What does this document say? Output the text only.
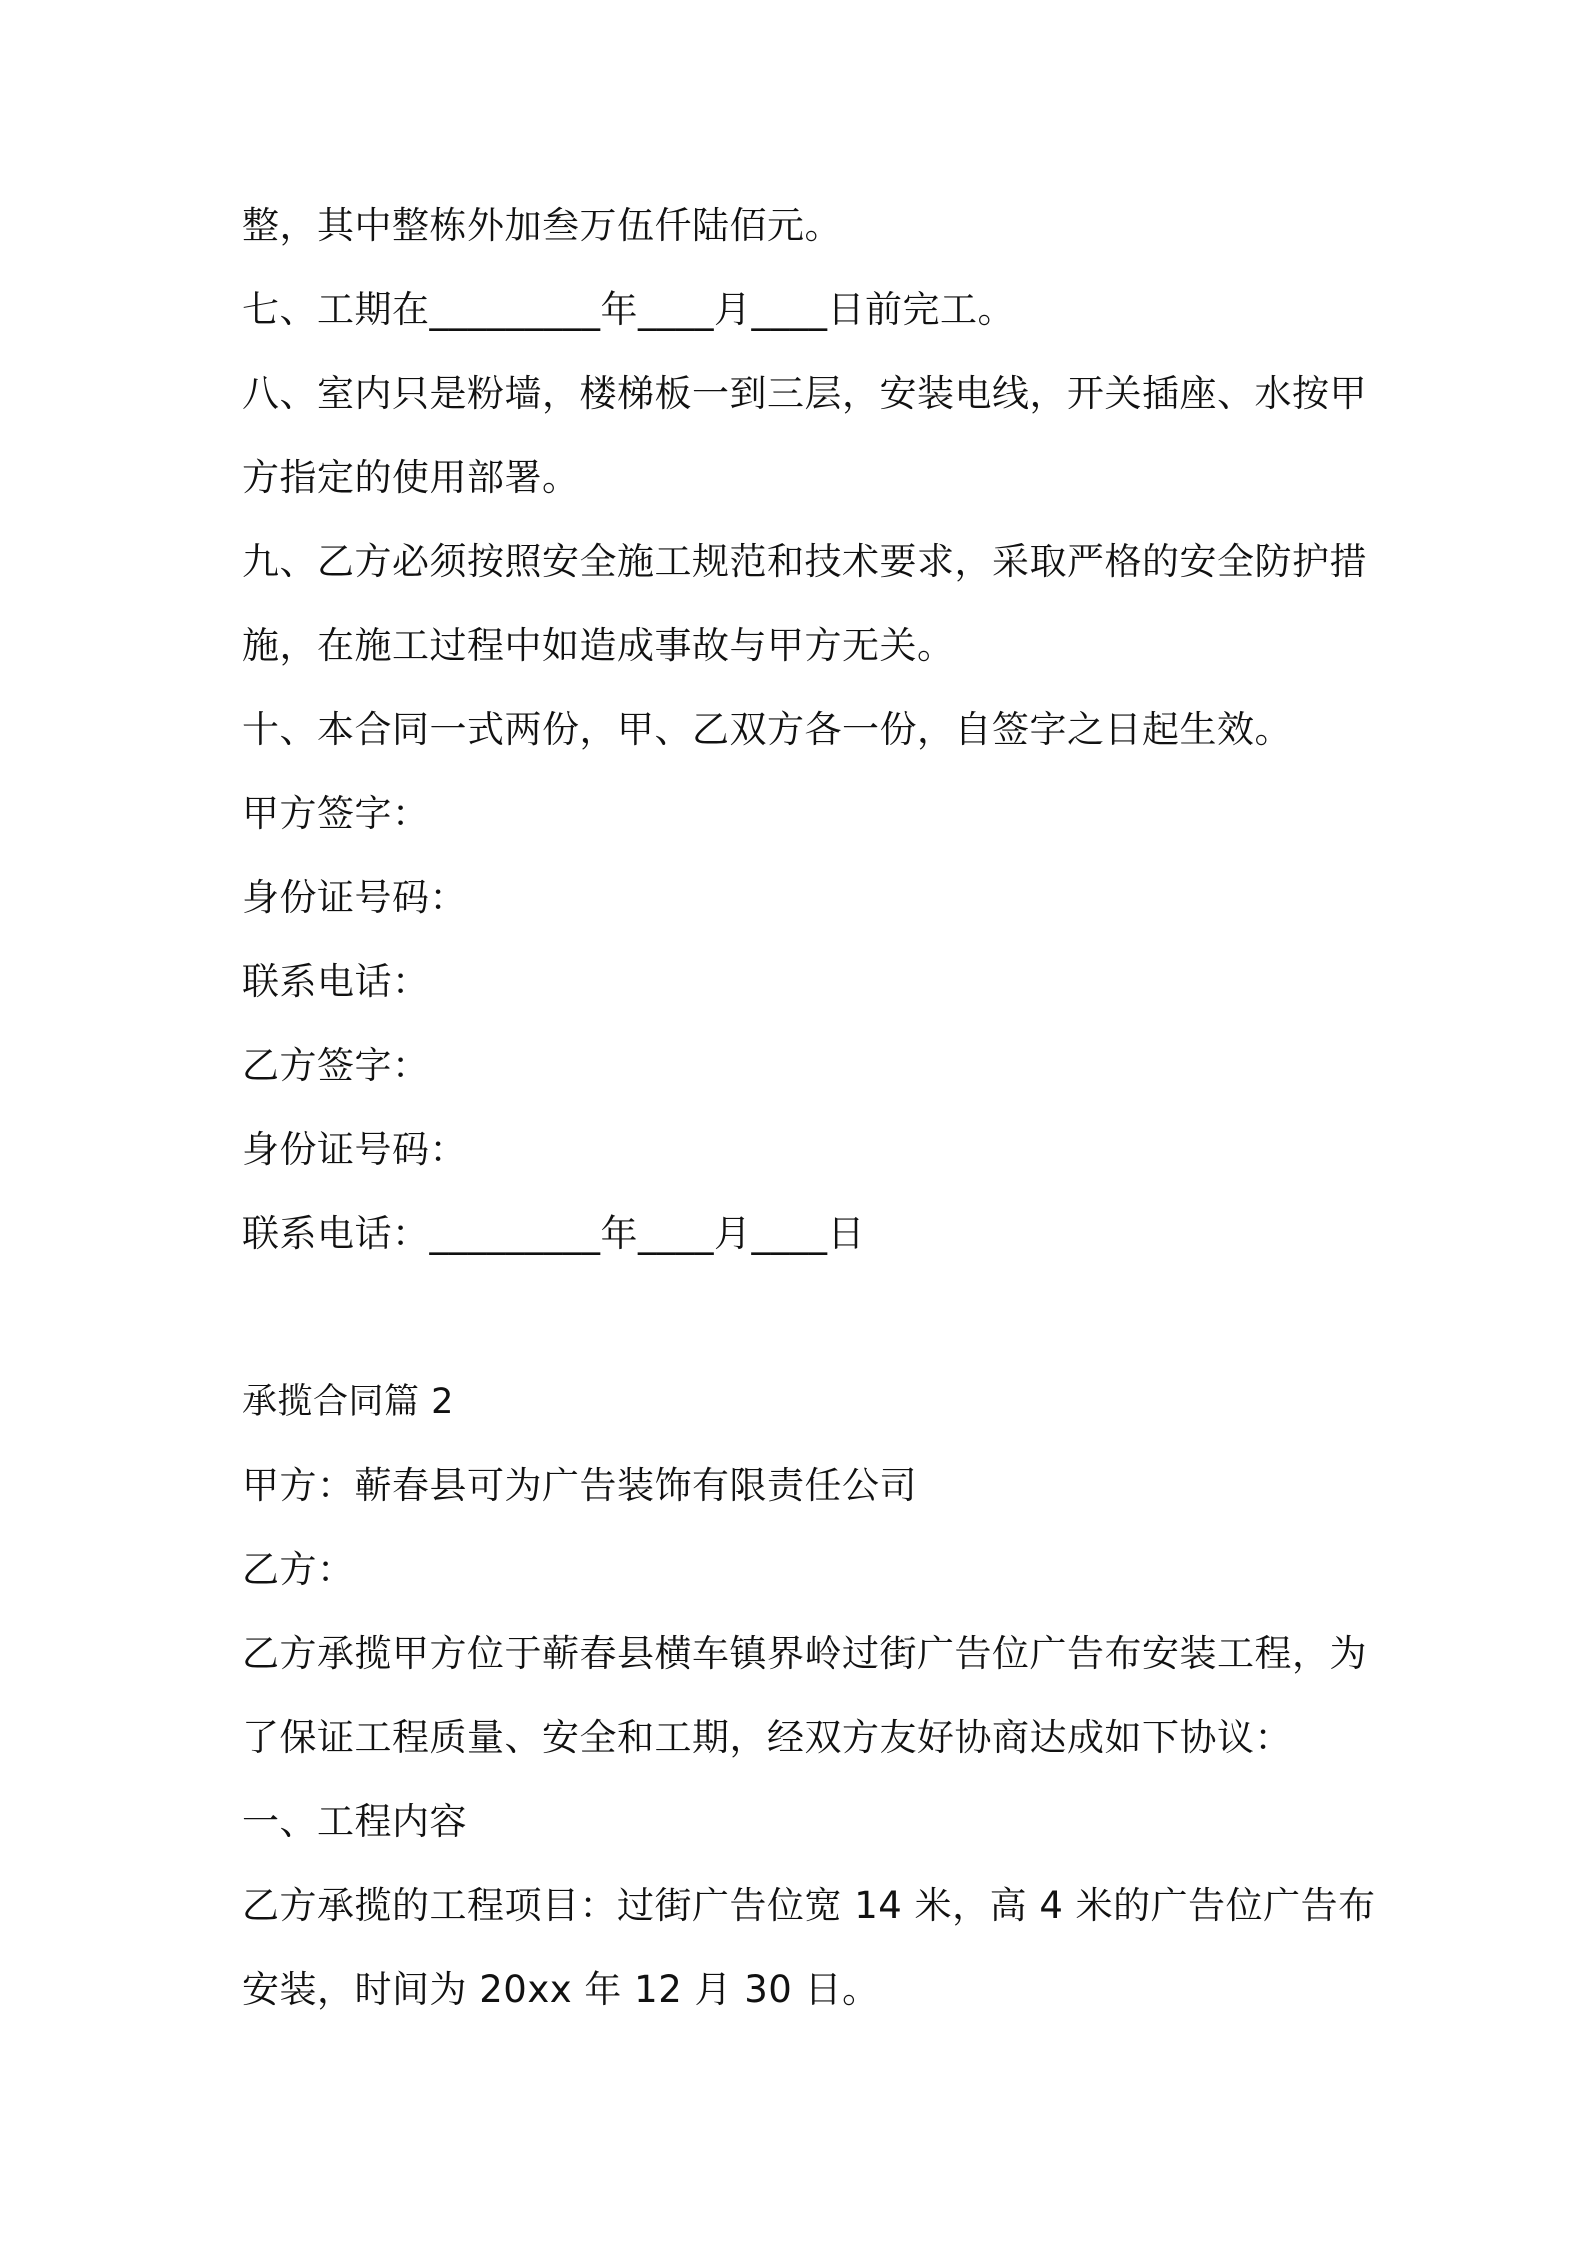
整，其中整栋外加叁万伍仟陆佰元。
七、工期在_________年____月____日前完工。
八、室内只是粉墙，楼梯板一到三层，安装电线，开关插座、水按甲
方指定的使用部署。
九、乙方必须按照安全施工规范和技术要求，采取严格的安全防护措
施，在施工过程中如造成事故与甲方无关。
十、本合同一式两份，甲、乙双方各一份，自签字之日起生效。
甲方签字：
身份证号码：
联系电话：
乙方签字：
身份证号码：
联系电话：_________年____月____日
承揽合同篇 2
甲方：蕲春县可为广告装饰有限责任公司
乙方：
乙方承揽甲方位于蕲春县横车镇界岭过街广告位广告布安装工程，为
了保证工程质量、安全和工期，经双方友好协商达成如下协议：
一、工程内容
乙方承揽的工程项目：过街广告位宽 14 米，高 4 米的广告位广告布
安装，时间为 20xx 年 12 月 30 日。
